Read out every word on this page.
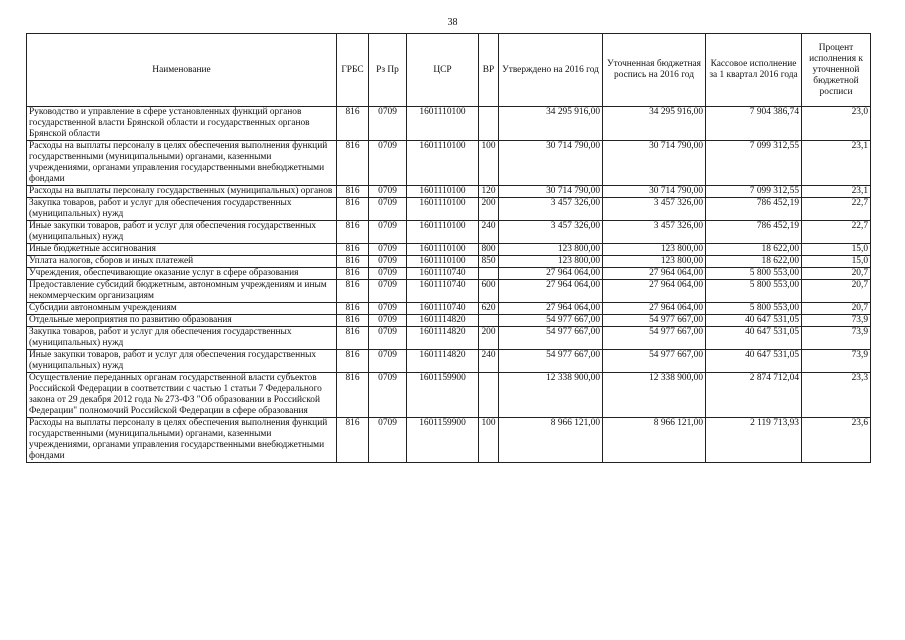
38
Наименование	ГРБС	Рз Пр	ЦСР	ВР	Утверждено на 2016 год	Уточненная бюджетная роспись на 2016 год	Кассовое исполнение за 1 квартал 2016 года	Процент исполнения к уточненной бюджетной росписи
Руководство и управление в сфере установленных функций органов государственной власти Брянской области и государственных органов Брянской области	816	0709	1601110100		34 295 916,00	34 295 916,00	7 904 386,74	23,0
Расходы на выплаты персоналу в целях обеспечения выполнения функций государственными (муниципальными) органами, казенными учреждениями, органами управления государственными внебюджетными фондами	816	0709	1601110100	100	30 714 790,00	30 714 790,00	7 099 312,55	23,1
Расходы на выплаты персоналу государственных (муниципальных) органов	816	0709	1601110100	120	30 714 790,00	30 714 790,00	7 099 312,55	23,1
Закупка товаров, работ и услуг для обеспечения государственных (муниципальных) нужд	816	0709	1601110100	200	3 457 326,00	3 457 326,00	786 452,19	22,7
Иные закупки товаров, работ и услуг для обеспечения государственных (муниципальных) нужд	816	0709	1601110100	240	3 457 326,00	3 457 326,00	786 452,19	22,7
Иные бюджетные ассигнования	816	0709	1601110100	800	123 800,00	123 800,00	18 622,00	15,0
Уплата налогов, сборов и иных платежей	816	0709	1601110100	850	123 800,00	123 800,00	18 622,00	15,0
Учреждения, обеспечивающие оказание услуг в сфере образования	816	0709	1601110740		27 964 064,00	27 964 064,00	5 800 553,00	20,7
Предоставление субсидий бюджетным, автономным учреждениям и иным некоммерческим организациям	816	0709	1601110740	600	27 964 064,00	27 964 064,00	5 800 553,00	20,7
Субсидии автономным учреждениям	816	0709	1601110740	620	27 964 064,00	27 964 064,00	5 800 553,00	20,7
Отдельные мероприятия по развитию образования	816	0709	1601114820		54 977 667,00	54 977 667,00	40 647 531,05	73,9
Закупка товаров, работ и услуг для обеспечения государственных (муниципальных) нужд	816	0709	1601114820	200	54 977 667,00	54 977 667,00	40 647 531,05	73,9
Иные закупки товаров, работ и услуг для обеспечения государственных (муниципальных) нужд	816	0709	1601114820	240	54 977 667,00	54 977 667,00	40 647 531,05	73,9
Осуществление переданных органам государственной власти субъектов Российской Федерации в соответствии с частью 1 статьи 7 Федерального закона от 29 декабря 2012 года № 273-ФЗ "Об образовании в Российской Федерации" полномочий Российской Федерации в сфере образования	816	0709	1601159900		12 338 900,00	12 338 900,00	2 874 712,04	23,3
Расходы на выплаты персоналу в целях обеспечения выполнения функций государственными (муниципальными) органами, казенными учреждениями, органами управления государственными внебюджетными фондами	816	0709	1601159900	100	8 966 121,00	8 966 121,00	2 119 713,93	23,6
